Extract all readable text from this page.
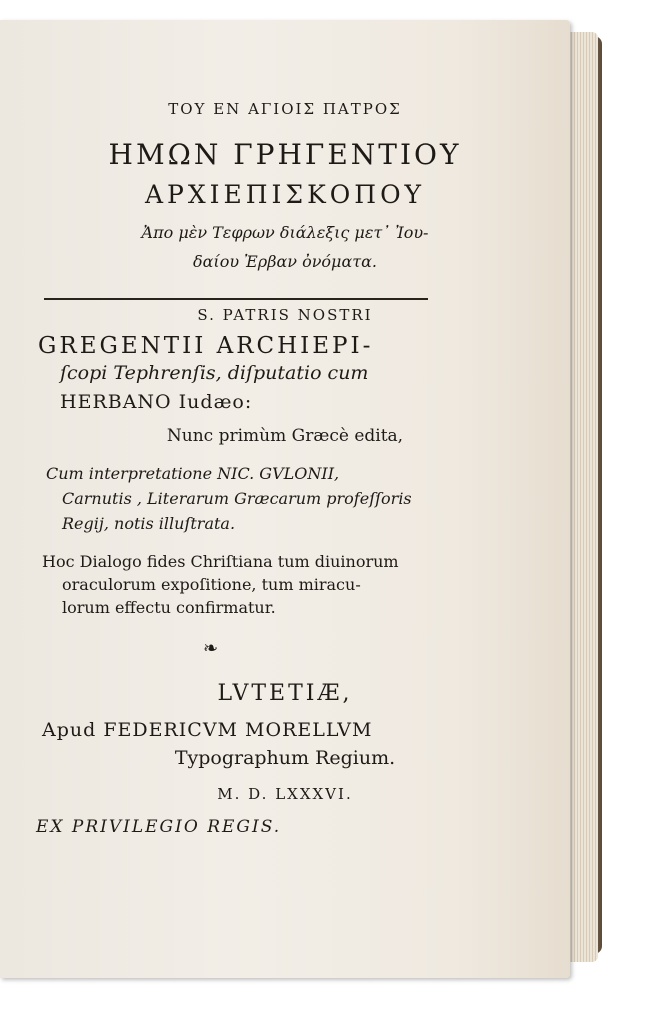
ΤΟΥ ΕΝ ΑΓΙΟΙΣ ΠΑΤΡΟΣ
ΗΜΩΝ ΓΡΗΓΕΝΤΙΟΥ
ΑΡΧΙΕΠΙΣΚΟΠΟΥ
Ἀπο μὲν Τεφρων διάλεξις μετ᾽ Ἰου-
δαίου Ἐρβαν ὀνόματα.
S. PATRIS NOSTRI
GREGENTII ARCHIEPI-
ſcopi Tephrenſis, diſputatio cum
HERBANO Iudæo:
Nunc primùm Græcè edita,
Cum interpretatione NIC. GVLONII,
Carnutis , Literarum Græcarum profeſſoris
Regij, notis illuſtrata.
Hoc Dialogo fides Chriſtiana tum diuinorum
oraculorum expoſitione, tum miracu-
lorum effectu confirmatur.
❧
LVTETIÆ,
Apud FEDERICVM MORELLVM
Typographum Regium.
M. D. LXXXVI.
EX PRIVILEGIO REGIS.
